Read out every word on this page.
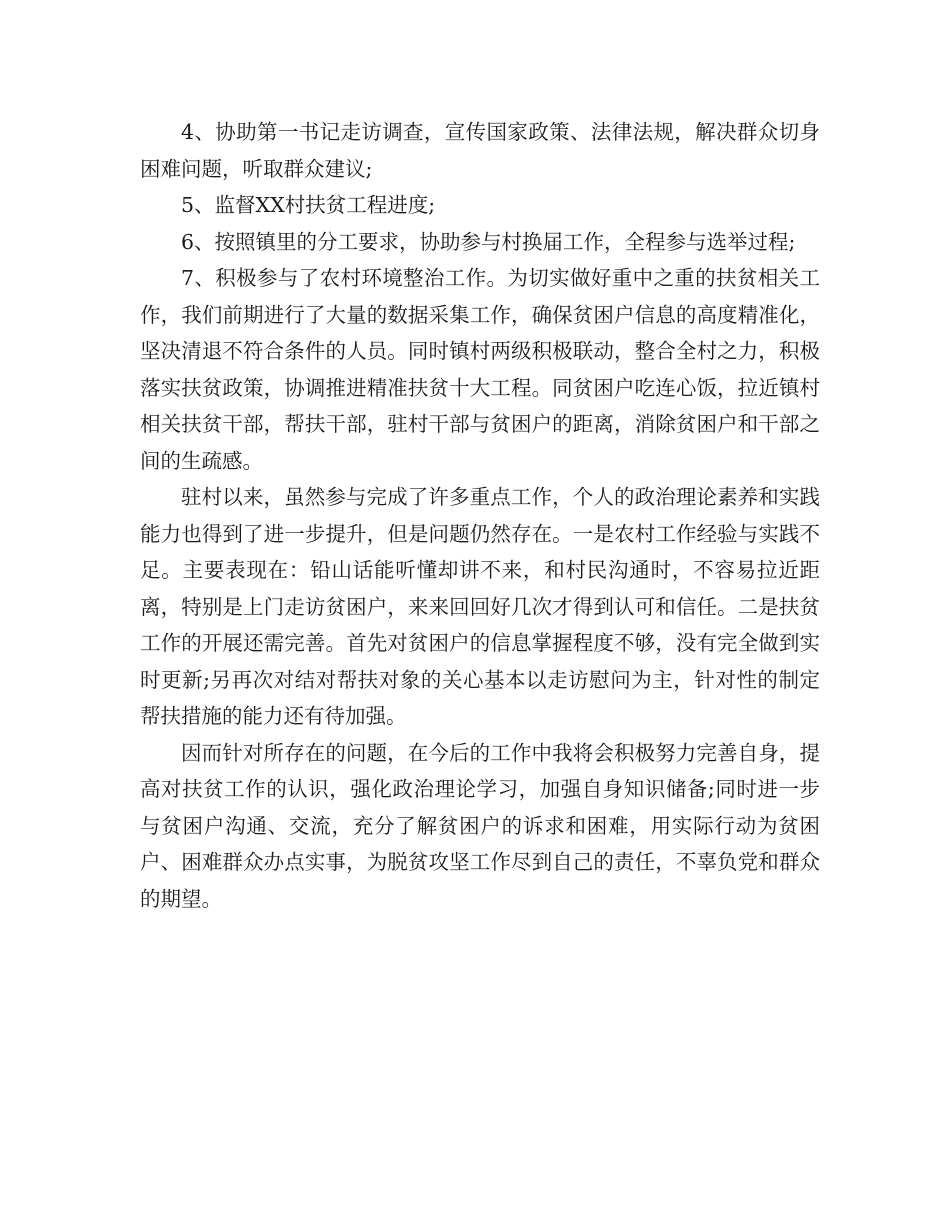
4、协助第一书记走访调查，宣传国家政策、法律法规，解决群众切身困难问题，听取群众建议;

5、监督XX村扶贫工程进度;

6、按照镇里的分工要求，协助参与村换届工作，全程参与选举过程;

7、积极参与了农村环境整治工作。为切实做好重中之重的扶贫相关工作，我们前期进行了大量的数据采集工作，确保贫困户信息的高度精准化，坚决清退不符合条件的人员。同时镇村两级积极联动，整合全村之力，积极落实扶贫政策，协调推进精准扶贫十大工程。同贫困户吃连心饭，拉近镇村相关扶贫干部，帮扶干部，驻村干部与贫困户的距离，消除贫困户和干部之间的生疏感。

驻村以来，虽然参与完成了许多重点工作，个人的政治理论素养和实践能力也得到了进一步提升，但是问题仍然存在。一是农村工作经验与实践不足。主要表现在：铅山话能听懂却讲不来，和村民沟通时，不容易拉近距离，特别是上门走访贫困户，来来回回好几次才得到认可和信任。二是扶贫工作的开展还需完善。首先对贫困户的信息掌握程度不够，没有完全做到实时更新;另再次对结对帮扶对象的关心基本以走访慰问为主，针对性的制定帮扶措施的能力还有待加强。

因而针对所存在的问题，在今后的工作中我将会积极努力完善自身，提高对扶贫工作的认识，强化政治理论学习，加强自身知识储备;同时进一步与贫困户沟通、交流，充分了解贫困户的诉求和困难，用实际行动为贫困户、困难群众办点实事，为脱贫攻坚工作尽到自己的责任，不辜负党和群众的期望。
